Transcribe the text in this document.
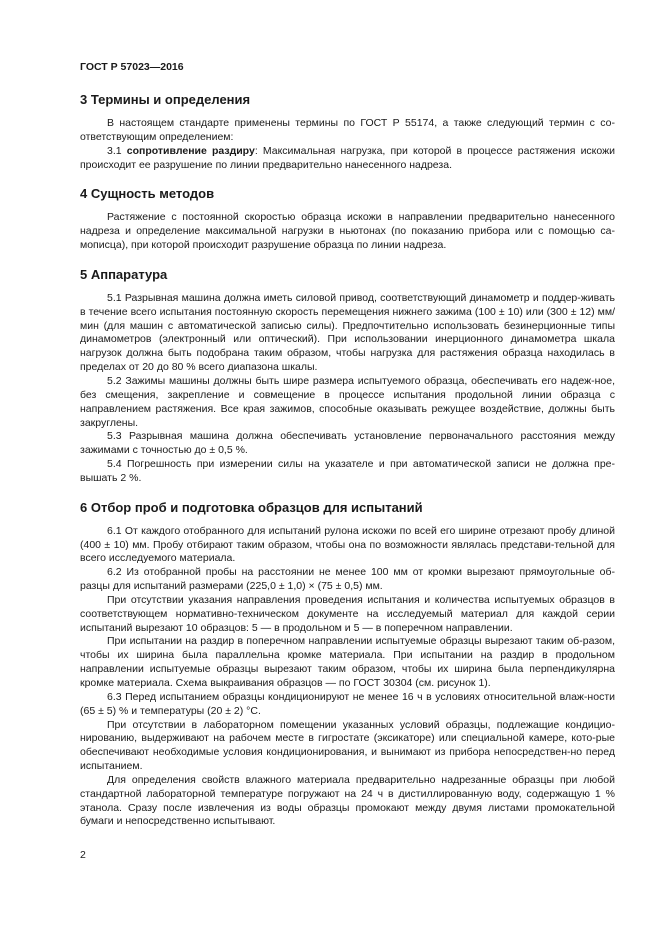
ГОСТ Р 57023—2016
3 Термины и определения

В настоящем стандарте применены термины по ГОСТ Р 55174, а также следующий термин с со-ответствующим определением:

3.1 сопротивление раздиру: Максимальная нагрузка, при которой в процессе растяжения искожи происходит ее разрушение по линии предварительно нанесенного надреза.

4 Сущность методов

Растяжение с постоянной скоростью образца искожи в направлении предварительно нанесенного надреза и определение максимальной нагрузки в ньютонах (по показанию прибора или с помощью са-мописца), при которой происходит разрушение образца по линии надреза.

5 Аппаратура

5.1 Разрывная машина должна иметь силовой привод, соответствующий динамометр и поддер-живать в течение всего испытания постоянную скорость перемещения нижнего зажима (100 ± 10) или (300 ± 12) мм/мин (для машин с автоматической записью силы). Предпочтительно использовать безинерционные типы динамометров (электронный или оптический). При использовании инерционного динамометра шкала нагрузок должна быть подобрана таким образом, чтобы нагрузка для растяжения образца находилась в пределах от 20 до 80 % всего диапазона шкалы.

5.2 Зажимы машины должны быть шире размера испытуемого образца, обеспечивать его надеж-ное, без смещения, закрепление и совмещение в процессе испытания продольной линии образца с направлением растяжения. Все края зажимов, способные оказывать режущее воздействие, должны быть закруглены.

5.3 Разрывная машина должна обеспечивать установление первоначального расстояния между зажимами с точностью до ± 0,5 %.

5.4 Погрешность при измерении силы на указателе и при автоматической записи не должна пре-вышать 2 %.

6 Отбор проб и подготовка образцов для испытаний

6.1 От каждого отобранного для испытаний рулона искожи по всей его ширине отрезают пробу длиной (400 ± 10) мм. Пробу отбирают таким образом, чтобы она по возможности являлась представи-тельной для всего исследуемого материала.

6.2 Из отобранной пробы на расстоянии не менее 100 мм от кромки вырезают прямоугольные об-разцы для испытаний размерами (225,0 ± 1,0) × (75 ± 0,5) мм.

При отсутствии указания направления проведения испытания и количества испытуемых образцов в соответствующем нормативно-техническом документе на исследуемый материал для каждой серии испытаний вырезают 10 образцов: 5 — в продольном и 5 — в поперечном направлении.

При испытании на раздир в поперечном направлении испытуемые образцы вырезают таким об-разом, чтобы их ширина была параллельна кромке материала. При испытании на раздир в продольном направлении испытуемые образцы вырезают таким образом, чтобы их ширина была перпендикулярна кромке материала. Схема выкраивания образцов — по ГОСТ 30304 (см. рисунок 1).

6.3 Перед испытанием образцы кондиционируют не менее 16 ч в условиях относительной влаж-ности (65 ± 5) % и температуры (20 ± 2) °С.

При отсутствии в лабораторном помещении указанных условий образцы, подлежащие кондицио-нированию, выдерживают на рабочем месте в гигростате (эксикаторе) или специальной камере, кото-рые обеспечивают необходимые условия кондиционирования, и вынимают из прибора непосредствен-но перед испытанием.

Для определения свойств влажного материала предварительно надрезанные образцы при любой стандартной лабораторной температуре погружают на 24 ч в дистиллированную воду, содержащую 1 % этанола. Сразу после извлечения из воды образцы промокают между двумя листами промокательной бумаги и непосредственно испытывают.

2
